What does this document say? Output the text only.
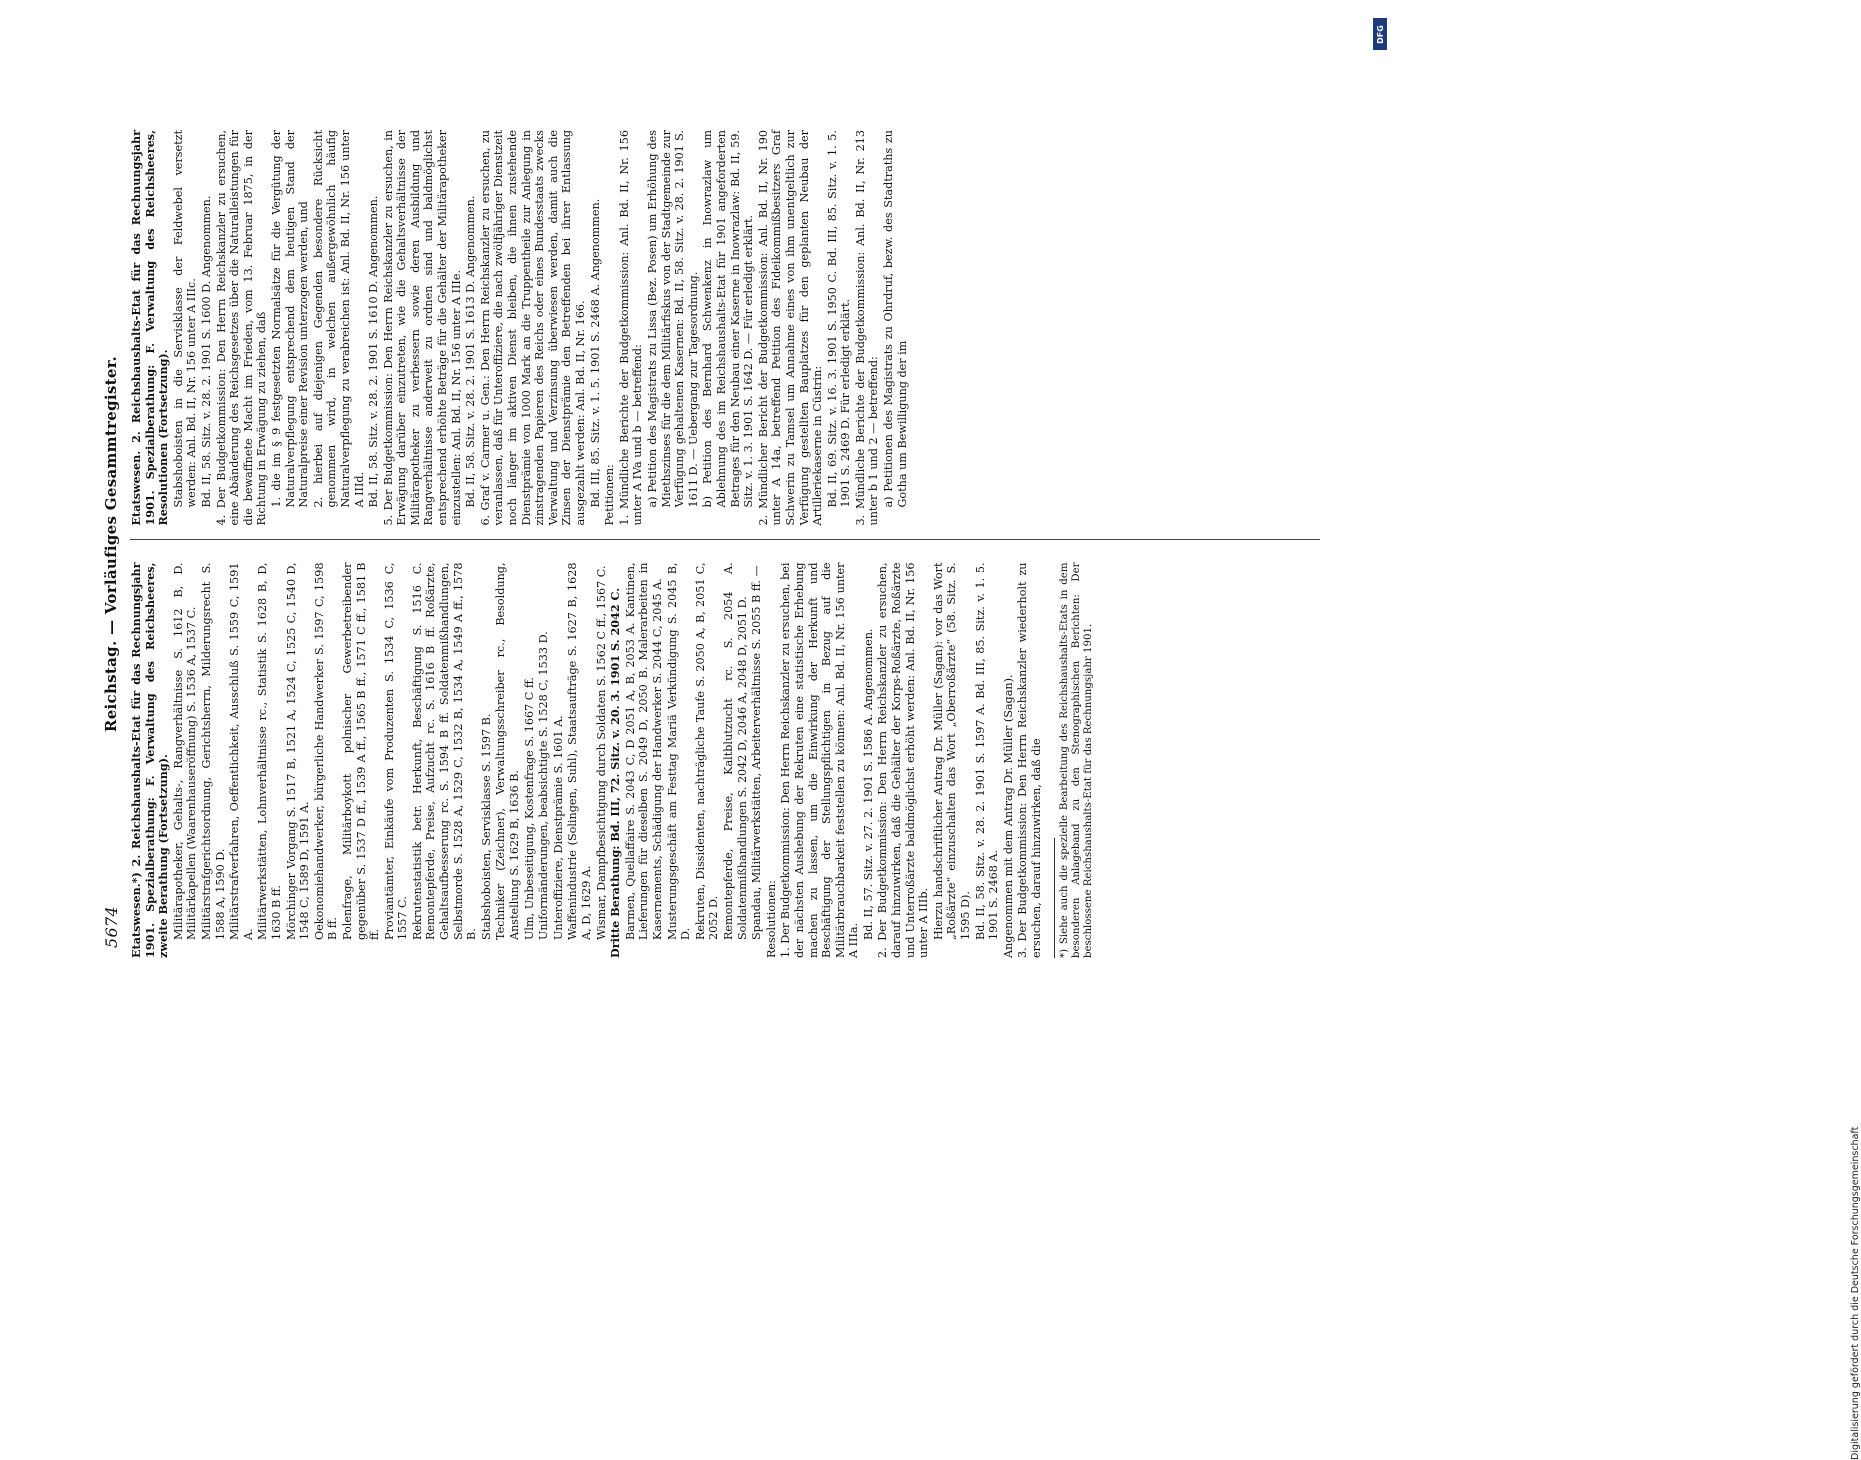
5674
Reichstag. — Vorläufiges Gesammtregister.

Etatswesen.*) 2. Reichshaushalts-Etat für das Rechnungsjahr 1901. Spezialberathung: F. Verwaltung des Reichsheeres, zweite Berathung (Fortsetzung). Militärapotheker, Gehalts-, Rangverhältnisse S. 1612 B, D. Militärkapellen (Waarenhauseröffnung) S. 1536 A, 1537 C. Militärstrafgerichtsordnung, Gerichtsherrn, Milderungsrecht S. 1588 A, 1590 D. Militärstrafverfahren, Oeffentlichkeit, Ausschluß S. 1559 C, 1591 A. Militärwerkstätten, Lohnverhältnisse rc., Statistik S. 1628 B, D, 1630 B ff. Mörchinger Vorgang S. 1517 B, 1521 A, 1524 C, 1525 C, 1540 D, 1548 C, 1589 D, 1591 A. Oekonomiehandwerker, bürgerliche Handwerker S. 1597 C, 1598 B ff. Polenfrage, Militärboykott polnischer Gewerbetreibender gegenüber S. 1537 D ff., 1539 A ff., 1565 B ff., 1571 C ff., 1581 B ff. Proviantämter, Einkäufe vom Produzenten S. 1534 C, 1536 C, 1557 C. Rekrutenstatistik betr. Herkunft, Beschäftigung S. 1516 C. Remontepferde, Preise, Aufzucht rc. S. 1616 B ff. Roßärzte, Gehaltsaufbesserung rc. S. 1594 B ff. Soldatenmißhandlungen, Selbstmorde S. 1528 A, 1529 C, 1532 B, 1534 A, 1549 A ff., 1578 B. Stabshoboisten, Servisklasse S. 1597 B. Techniker (Zeichner), Verwaltungsschreiber rc., Besoldung, Anstellung S. 1629 B, 1636 B. Ulm, Unbeseitigung, Kostenfrage S. 1667 C ff. Uniformänderungen, beabsichtigte S. 1528 C, 1533 D. Unteroffiziere, Dienstprämie S. 1601 A. Waffenindustrie (Solingen, Suhl), Staatsaufträge S. 1627 B, 1628 A, D, 1629 A. Wismar, Dampfbesichtigung durch Soldaten S. 1562 C ff., 1567 C. Dritte Berathung: Bd. III, 72. Sitz. v. 20. 3. 1901 S. 2042 C. Barmen, Quellaffaire S. 2043 C, D 2051 A, B, 2053 A. Kantinen, Lieferungen für dieselben S. 2049 D, 2050 B. Malerarbeiten in Kasernements, Schädigung der Handwerker S. 2044 C, 2045 A. Musterungsgeschäft am Festtag Mariä Verkündigung S. 2045 B, D. Rekruten, Dissidenten, nachträgliche Taufe S. 2050 A, B, 2051 C, 2052 D. Remontepferde, Preise, Kaltblutzucht rc. S. 2054 A. Soldatenmißhandlungen S. 2042 D, 2046 A, 2048 D, 2051 D. Spandau, Militärwerkstätten, Arbeiterverhältnisse S. 2055 B ff. — Resolutionen: 1. Der Budgetkommission: Den Herrn Reichskanzler zu ersuchen, bei der nächsten Aushebung der Rekruten eine statistische Erhebung machen zu lassen, um die Einwirkung der Herkunft und Beschäftigung der Stellungspflichtigen in Bezug auf die Militärbrauchbarkeit feststellen zu können: Anl. Bd. II, Nr. 156 unter A IIIa.

Bd. II, 57. Sitz. v. 27. 2. 1901 S. 1586 A. Angenommen. 2. Der Budgetkommission: Den Herrn Reichskanzler zu ersuchen, darauf hinzuwirken, daß die Gehälter der Korps-Roßärzte, Roßärzte und Unterroßärzte baldmöglichst erhöht werden: Anl. Bd. II, Nr. 156 unter A IIIb. Hierzu handschriftlicher Antrag Dr. Müller (Sagan): vor das Wort „Roßärzte“ einzuschalten das Wort „Oberroßärzte“ (58. Sitz. S. 1595 D). Bd. II, 58. Sitz. v. 28. 2. 1901 S. 1597 A. Bd. III, 85. Sitz. v. 1. 5. 1901 S. 2468 A. Angenommen mit dem Antrag Dr. Müller (Sagan). 3. Der Budgetkommission: Den Herrn Reichskanzler wiederholt zu ersuchen, darauf hinzuwirken, daß die *) Siehe auch die spezielle Bearbeitung des Reichshaushalts-Etats in dem besonderen Anlageband zu den Stenographischen Berichten: Der beschlossene Reichshaushalts-Etat für das Rechnungsjahr 1901.

Etatswesen. 2. Reichshaushalts-Etat für das Rechnungsjahr 1901. Spezialberathung: F. Verwaltung des Reichsheeres, Resolutionen (Fortsetzung). Stabshoboisten in die Servisklasse der Feldwebel versetzt werden: Anl. Bd. II, Nr. 156 unter A IIIc. Bd. II, 58. Sitz. v. 28. 2. 1901 S. 1600 D. Angenommen. 4. Der Budgetkommission: Den Herrn Reichskanzler zu ersuchen, eine Abänderung des Reichsgesetzes über die Naturalleistungen für die bewaffnete Macht im Frieden, vom 13. Februar 1875, in der Richtung in Erwägung zu ziehen, daß 1. die im § 9 festgesetzten Normalsätze für die Vergütung der Naturalverpflegung entsprechend dem heutigen Stand der Naturalpreise einer Revision unterzogen werden, und 2. hierbei auf diejenigen Gegenden besondere Rücksicht genommen wird, in welchen außergewöhnlich häufig Naturalverpflegung zu verabreichen ist: Anl. Bd. II, Nr. 156 unter A IIId. Bd. II, 58. Sitz. v. 28. 2. 1901 S. 1610 D. Angenommen. 5. Der Budgetkommission: Den Herrn Reichskanzler zu ersuchen, in Erwägung darüber einzutreten, wie die Gehaltsverhältnisse der Militärapotheker zu verbessern sowie deren Ausbildung und Rangverhältnisse anderweit zu ordnen sind und baldmöglichst entsprechend erhöhte Beträge für die Gehälter der Militärapotheker einzustellen: Anl. Bd. II, Nr. 156 unter A IIIe. Bd. II, 58. Sitz. v. 28. 2. 1901 S. 1613 D. Angenommen. 6. Graf v. Carmer u. Gen.: Den Herrn Reichskanzler zu ersuchen, zu veranlassen, daß für Unteroffiziere, die nach zwölfjähriger Dienstzeit noch länger im aktiven Dienst bleiben, die ihnen zustehende Dienstprämie von 1000 Mark an die Truppentheile zur Anlegung in zinstragenden Papieren des Reichs oder eines Bundesstaats zwecks Verwaltung und Verzinsung überwiesen werden, damit auch die Zinsen der Dienstprämie den Betreffenden bei ihrer Entlassung ausgezahlt werden: Anl. Bd. II, Nr. 166. Bd. III, 85. Sitz. v. 1. 5. 1901 S. 2468 A. Angenommen. Petitionen: 1. Mündliche Berichte der Budgetkommission: Anl. Bd. II, Nr. 156 unter A IVa und b — betreffend: a) Petition des Magistrats zu Lissa (Bez. Posen) um Erhöhung des Miethszinses für die dem Militärfiskus von der Stadtgemeinde zur Verfügung gehaltenen Kasernen: Bd. II, 58. Sitz. v. 28. 2. 1901 S. 1611 D. — Uebergang zur Tagesordnung. b) Petition des Bernhard Schwenkenz in Inowrazlaw um Ablehnung des im Reichshaushalts-Etat für 1901 angeforderten Betrages für den Neubau einer Kaserne in Inowrazlaw: Bd. II, 59. Sitz. v. 1. 3. 1901 S. 1642 D. — Für erledigt erklärt. 2. Mündlicher Bericht der Budgetkommission: Anl. Bd. II, Nr. 190 unter A 14a, betreffend Petition des Fideikommißbesitzers Graf Schwerin zu Tamsel um Annahme eines von ihm unentgeltlich zur Verfügung gestellten Bauplatzes für den geplanten Neubau der Artilleriekaserne in Cüstrin: Bd. II, 69. Sitz. v. 16. 3. 1901 S. 1950 C. Bd. III, 85. Sitz. v. 1. 5. 1901 S. 2469 D. Für erledigt erklärt. 3. Mündliche Berichte der Budgetkommission: Anl. Bd. II, Nr. 213 unter b 1 und 2 — betreffend: a) Petitionen des Magistrats zu Ohrdruf, bezw. des Stadtraths zu Gotha um Bewilligung der im

DFG
Digitalisierung gefördert durch die Deutsche Forschungsgemeinschaft
